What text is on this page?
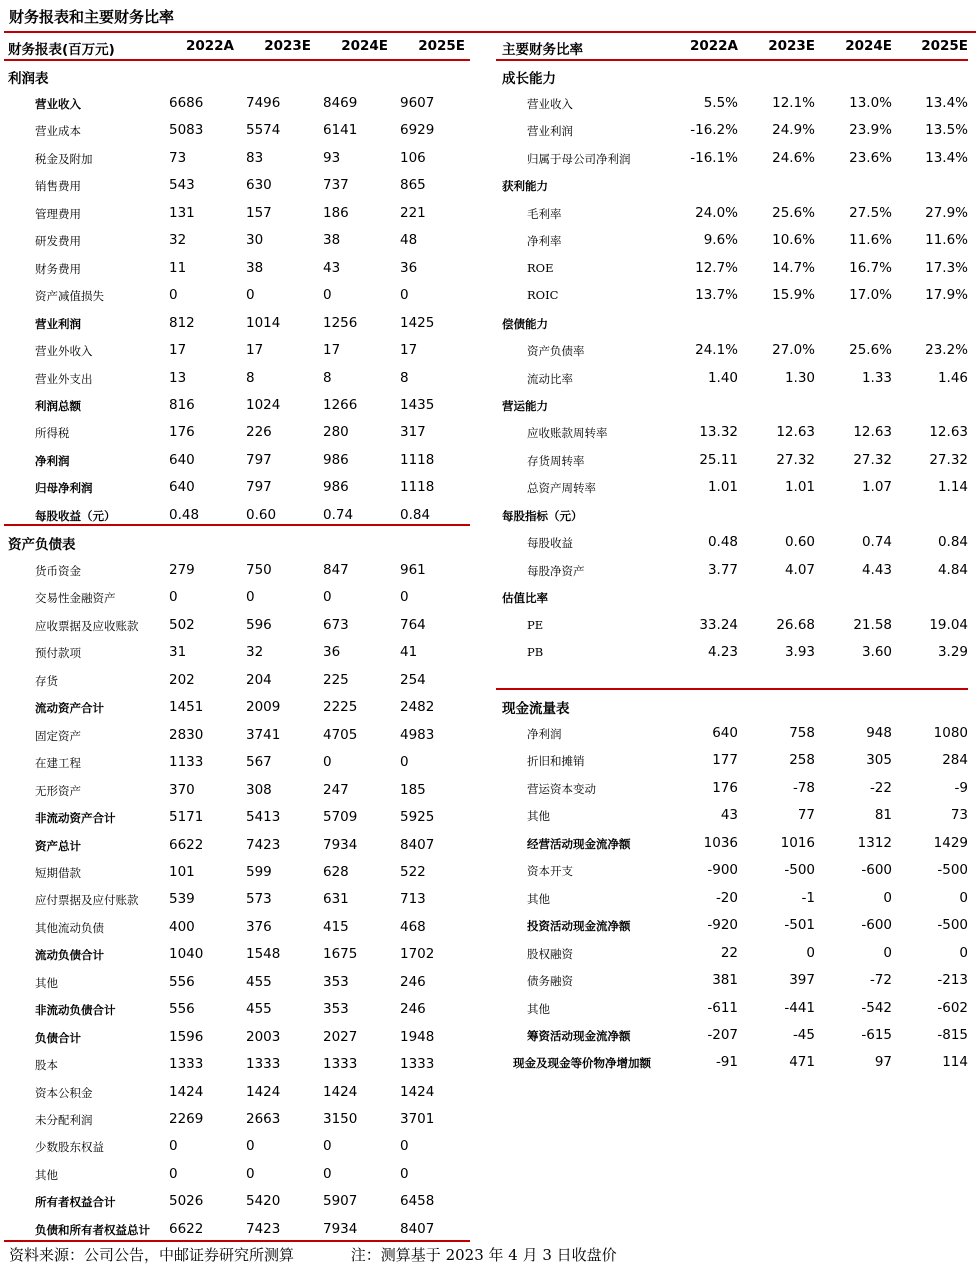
财务报表和主要财务比率
财务报表(百万元)	2022A	2023E	2024E	2025E
利润表
营业收入	6686	7496	8469	9607
营业成本	5083	5574	6141	6929
税金及附加	73	83	93	106
销售费用	543	630	737	865
管理费用	131	157	186	221
研发费用	32	30	38	48
财务费用	11	38	43	36
资产减值损失	0	0	0	0
营业利润	812	1014	1256	1425
营业外收入	17	17	17	17
营业外支出	13	8	8	8
利润总额	816	1024	1266	1435
所得税	176	226	280	317
净利润	640	797	986	1118
归母净利润	640	797	986	1118
每股收益（元）	0.48	0.60	0.74	0.84
资产负债表
货币资金	279	750	847	961
交易性金融资产	0	0	0	0
应收票据及应收账款 502	596	673	764
预付款项	31	32	36	41
存货	202	204	225	254
流动资产合计	1451	2009	2225	2482
固定资产	2830	3741	4705	4983
在建工程	1133	567	0	0
无形资产	370	308	247	185
非流动资产合计	5171	5413	5709	5925
资产总计	6622	7423	7934	8407
短期借款	101	599	628	522
应付票据及应付账款 539	573	631	713
其他流动负债	400	376	415	468
流动负债合计	1040	1548	1675	1702
其他	556	455	353	246
非流动负债合计	556	455	353	246
负债合计	1596	2003	2027	1948
股本	1333	1333	1333	1333
资本公积金	1424	1424	1424	1424
未分配利润	2269	2663	3150	3701
少数股东权益	0	0	0	0
其他	0	0	0	0
所有者权益合计	5026	5420	5907	6458
负债和所有者权益总计 6622	7423	7934	8407
主要财务比率	2022A	2023E	2024E	2025E
成长能力
营业收入	5.5%	12.1%	13.0%	13.4%
营业利润	-16.2%	24.9%	23.9%	13.5%
归属于母公司净利润	-16.1%	24.6%	23.6%	13.4%
获利能力
毛利率	24.0%	25.6%	27.5%	27.9%
净利率	9.6%	10.6%	11.6%	11.6%
ROE	12.7%	14.7%	16.7%	17.3%
ROIC	13.7%	15.9%	17.0%	17.9%
偿债能力
资产负债率	24.1%	27.0%	25.6%	23.2%
流动比率	1.40	1.30	1.33	1.46
营运能力
应收账款周转率	13.32	12.63	12.63	12.63
存货周转率	25.11	27.32	27.32	27.32
总资产周转率	1.01	1.01	1.07	1.14
每股指标（元）
每股收益	0.48	0.60	0.74	0.84
每股净资产	3.77	4.07	4.43	4.84
估值比率
PE	33.24	26.68	21.58	19.04
PB	4.23	3.93	3.60	3.29
现金流量表
净利润	640	758	948	1080
折旧和摊销	177	258	305	284
营运资本变动	176	-78	-22	-9
其他	43	77	81	73
经营活动现金流净额	1036	1016	1312	1429
资本开支	-900	-500	-600	-500
其他	-20	-1	0	0
投资活动现金流净额	-920	-501	-600	-500
股权融资	22	0	0	0
债务融资	381	397	-72	-213
其他	-611	-441	-542	-602
筹资活动现金流净额	-207	-45	-615	-815
现金及现金等价物净增加额	-91	471	97	114
资料来源：公司公告，中邮证券研究所测算	注：测算基于 2023 年 4 月 3 日收盘价
